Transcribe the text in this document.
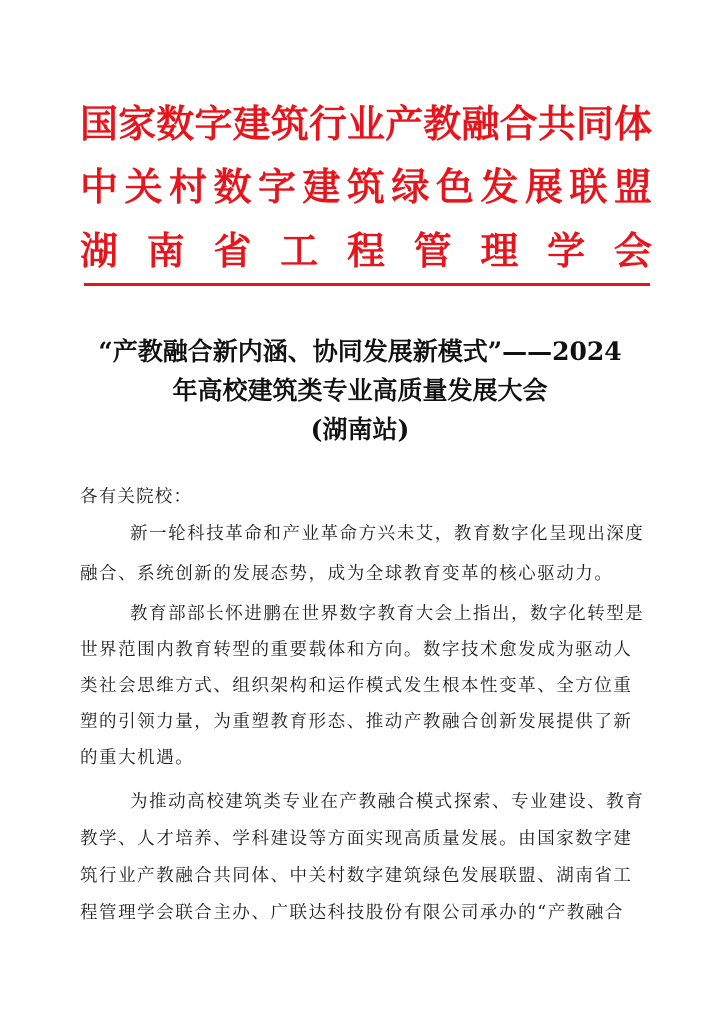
国 家 数 字 建 筑 行 业 产 教 融 合 共 同 体
中 关 村 数 字 建 筑 绿 色 发 展 联 盟
湖 南 省 工 程 管 理 学 会
“产教融合新内涵、协同发展新模式”——2024
年高校建筑类专业高质量发展大会
(湖南站)
各有关院校：
新一轮科技革命和产业革命方兴未艾，教育数字化呈现出深度
融合、系统创新的发展态势，成为全球教育变革的核心驱动力。
教育部部长怀进鹏在世界数字教育大会上指出，数字化转型是
世界范围内教育转型的重要载体和方向。数字技术愈发成为驱动人
类社会思维方式、组织架构和运作模式发生根本性变革、全方位重
塑的引领力量，为重塑教育形态、推动产教融合创新发展提供了新
的重大机遇。
为推动高校建筑类专业在产教融合模式探索、专业建设、教育
教学、人才培养、学科建设等方面实现高质量发展。由国家数字建
筑行业产教融合共同体、中关村数字建筑绿色发展联盟、湖南省工
程管理学会联合主办、广联达科技股份有限公司承办的“产教融合
